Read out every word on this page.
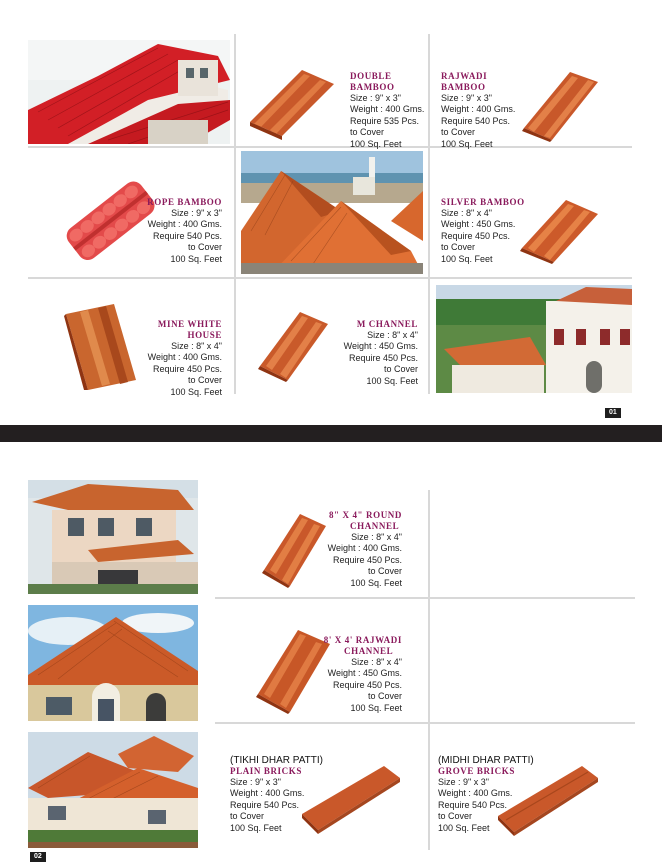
DOUBLE BAMBOO
Size : 9" x 3"
Weight : 400 Gms.
Require 535 Pcs.
to Cover
100 Sq. Feet
RAJWADI BAMBOO
Size : 9" x 3"
Weight : 400 Gms.
Require 540 Pcs.
to Cover
100 Sq. Feet
ROPE BAMBOO
Size : 9" x 3"
Weight : 400 Gms.
Require 540 Pcs.
to Cover
100 Sq. Feet
SILVER BAMBOO
Size : 8" x 4"
Weight : 450 Gms.
Require 450 Pcs.
to Cover
100 Sq. Feet
MINE WHITE HOUSE
Size : 8" x 4"
Weight : 400 Gms.
Require 450 Pcs.
to Cover
100 Sq. Feet
M CHANNEL
Size : 8" x 4"
Weight : 450 Gms.
Require 450 Pcs.
to Cover
100 Sq. Feet
01
8" X 4" ROUND
CHANNEL
Size : 8" x 4"
Weight : 400 Gms.
Require 450 Pcs.
to Cover
100 Sq. Feet
8' X 4' RAJWADI
CHANNEL
Size : 8" x 4"
Weight : 450 Gms.
Require 450 Pcs.
to Cover
100 Sq. Feet
(TIKHI DHAR PATTI)
PLAIN BRICKS
Size : 9" x 3"
Weight : 400 Gms.
Require 540 Pcs.
to Cover
100 Sq. Feet
(MIDHI DHAR PATTI)
GROVE BRICKS
Size : 9" x 3"
Weight : 400 Gms.
Require 540 Pcs.
to Cover
100 Sq. Feet
02
